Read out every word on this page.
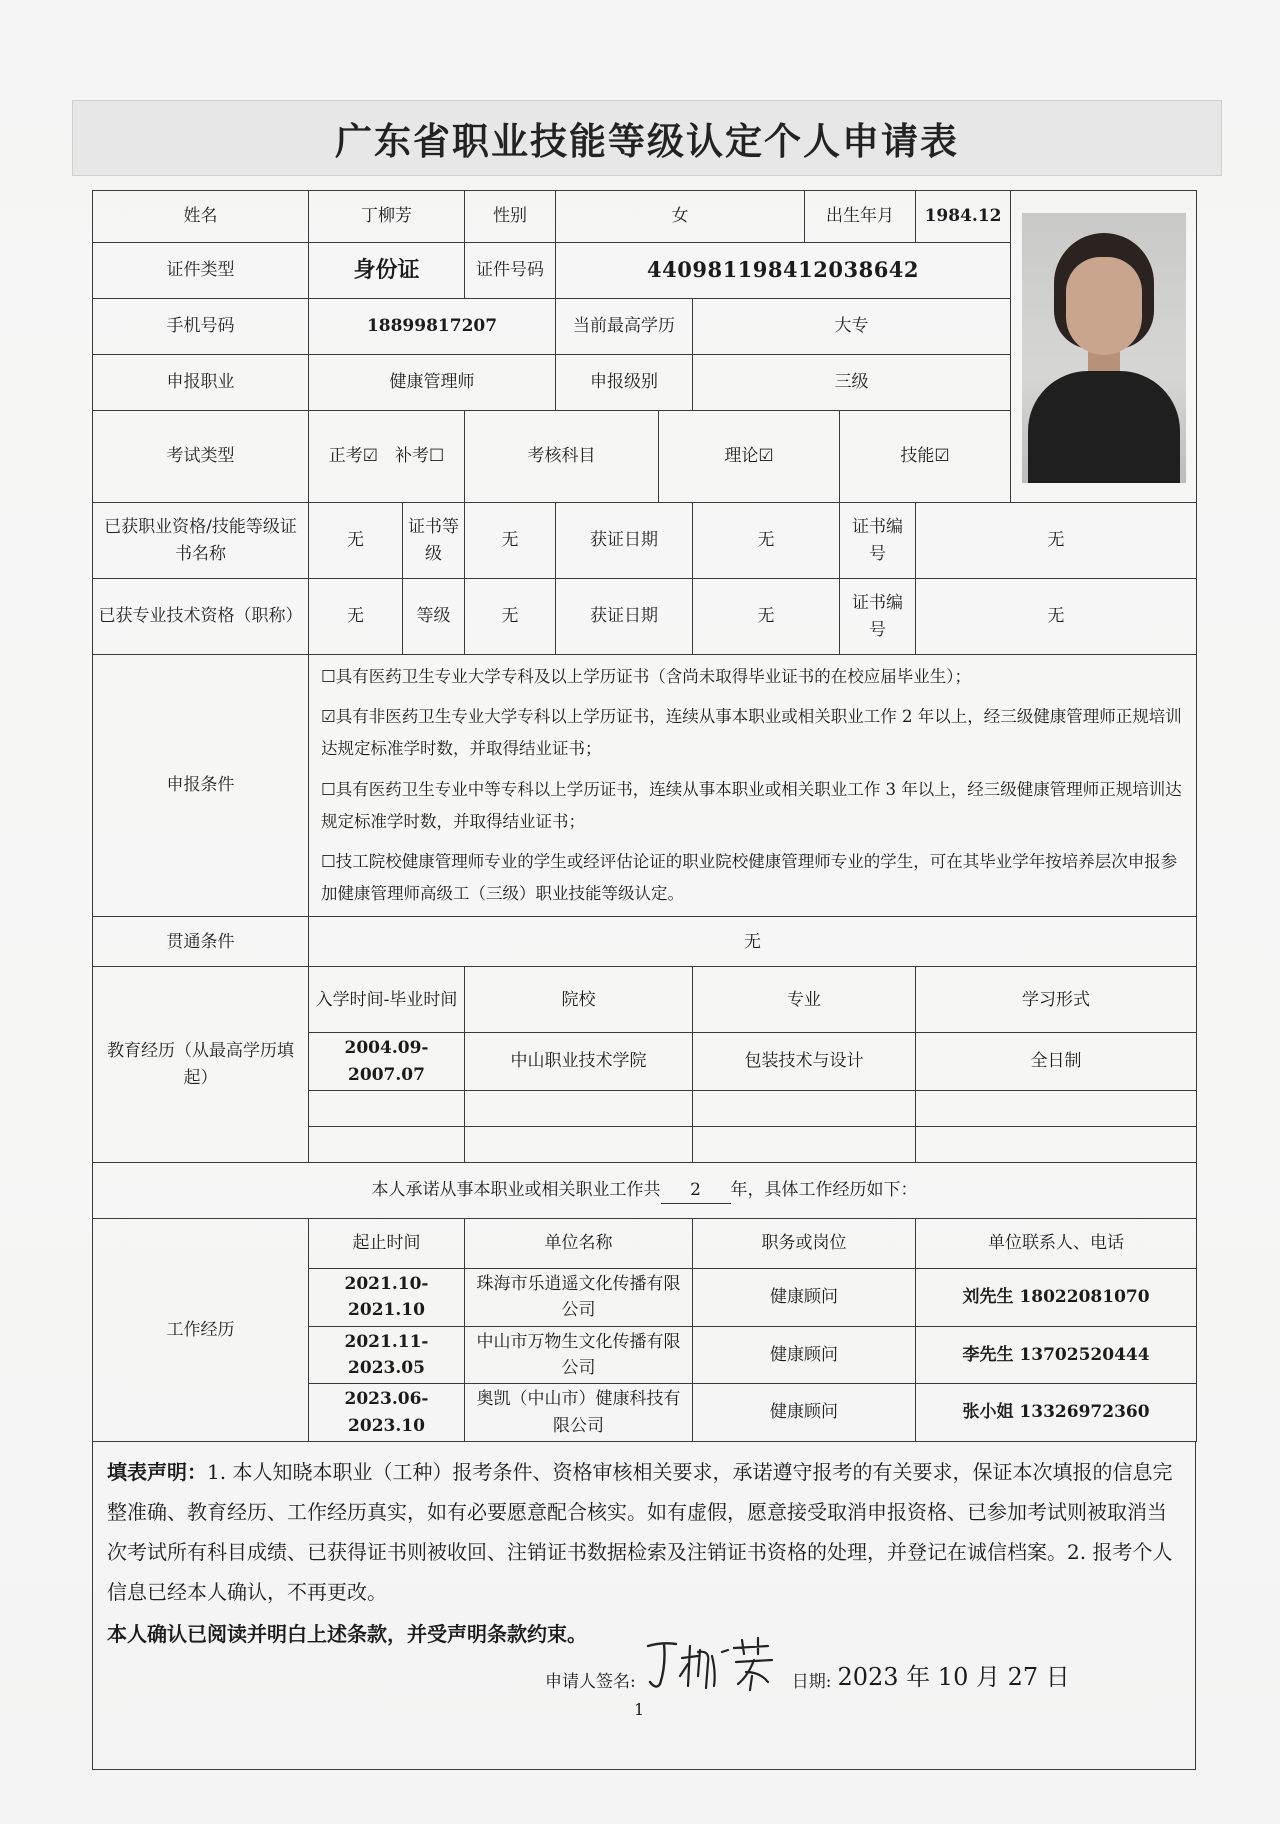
广东省职业技能等级认定个人申请表
姓名	丁柳芳		性别	女			出生年月		1984.12	

证件类型	身份证		证件号码	440981198412038642						
手机号码	18899817207			当前最高学历		大专				
申报职业	健康管理师			申报级别		三级				
考试类型	正考☑　补考☐		考核科目		理论☑			技能☑		
已获职业资格/技能等级证书名称	无	证书等级	无	获证日期		无		证书编号	无	
已获专业技术资格（职称）	无	等级	无	获证日期		无		证书编号	无	
申报条件	☐具有医药卫生专业大学专科及以上学历证书（含尚未取得毕业证书的在校应届毕业生）；

☑具有非医药卫生专业大学专科以上学历证书，连续从事本职业或相关职业工作 2 年以上，经三级健康管理师正规培训达规定标准学时数，并取得结业证书；

☐具有医药卫生专业中等专科以上学历证书，连续从事本职业或相关职业工作 3 年以上，经三级健康管理师正规培训达规定标准学时数，并取得结业证书；

☐技工院校健康管理师专业的学生或经评估论证的职业院校健康管理师专业的学生，可在其毕业学年按培养层次申报参加健康管理师高级工（三级）职业技能等级认定。									

贯通条件	无									
教育经历（从最高学历填起）	入学时间-毕业时间		院校			专业			学习形式	
	2004.09-2007.07		中山职业技术学院			包装技术与设计			全日制	

本人承诺从事本职业或相关职业工作共 2 年，具体工作经历如下：										
工作经历	起止时间		单位名称			职务或岗位			单位联系人、电话	
	2021.10-2021.10		珠海市乐逍遥文化传播有限公司			健康顾问			刘先生 18022081070	
	2021.11-2023.05		中山市万物生文化传播有限公司			健康顾问			李先生 13702520444	
	2023.06-2023.10		奥凯（中山市）健康科技有限公司			健康顾问			张小姐 13326972360	
填表声明：1. 本人知晓本职业（工种）报考条件、资格审核相关要求，承诺遵守报考的有关要求，保证本次填报的信息完整准确、教育经历、工作经历真实，如有必要愿意配合核实。如有虚假，愿意接受取消申报资格、已参加考试则被取消当次考试所有科目成绩、已获得证书则被收回、注销证书数据检索及注销证书资格的处理，并登记在诚信档案。2. 报考个人信息已经本人确认，不再更改。
本人确认已阅读并明白上述条款，并受声明条款约束。
申请人签名:	日期: 2023 年 10 月 27 日
1
